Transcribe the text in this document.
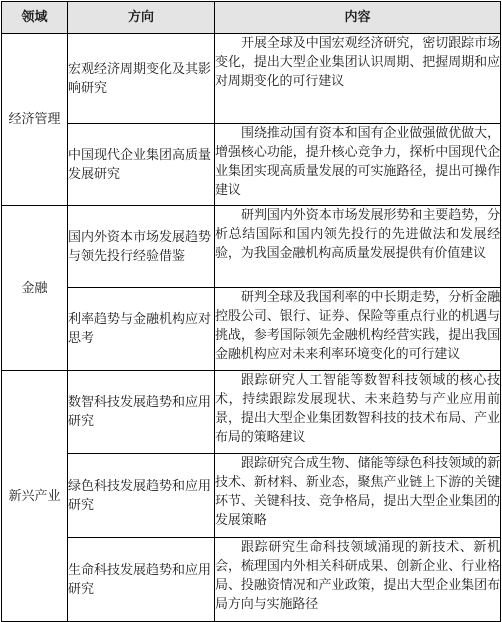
领域	方向	内容
经济管理	宏观经济周期变化及其影响研究	开展全球及中国宏观经济研究，密切跟踪市场变化，提出大型企业集团认识周期、把握周期和应对周期变化的可行建议
	中国现代企业集团高质量发展研究	围绕推动国有资本和国有企业做强做优做大，增强核心功能，提升核心竞争力，探析中国现代企业集团实现高质量发展的可实施路径，提出可操作建议
金融	国内外资本市场发展趋势与领先投行经验借鉴	研判国内外资本市场发展形势和主要趋势，分析总结国际和国内领先投行的先进做法和发展经验，为我国金融机构高质量发展提供有价值建议
	利率趋势与金融机构应对思考	研判全球及我国利率的中长期走势，分析金融控股公司、银行、证券、保险等重点行业的机遇与挑战，参考国际领先金融机构经营实践，提出我国金融机构应对未来利率环境变化的可行建议
新兴产业	数智科技发展趋势和应用研究	跟踪研究人工智能等数智科技领域的核心技术，持续跟踪发展现状、未来趋势与产业应用前景，提出大型企业集团数智科技的技术布局、产业布局的策略建议
	绿色科技发展趋势和应用研究	跟踪研究合成生物、储能等绿色科技领域的新技术、新材料、新业态，聚焦产业链上下游的关键环节、关键科技、竞争格局，提出大型企业集团的发展策略
	生命科技发展趋势和应用研究	跟踪研究生命科技领域涌现的新技术、新机会，梳理国内外相关科研成果、创新企业、行业格局、投融资情况和产业政策，提出大型企业集团布局方向与实施路径
